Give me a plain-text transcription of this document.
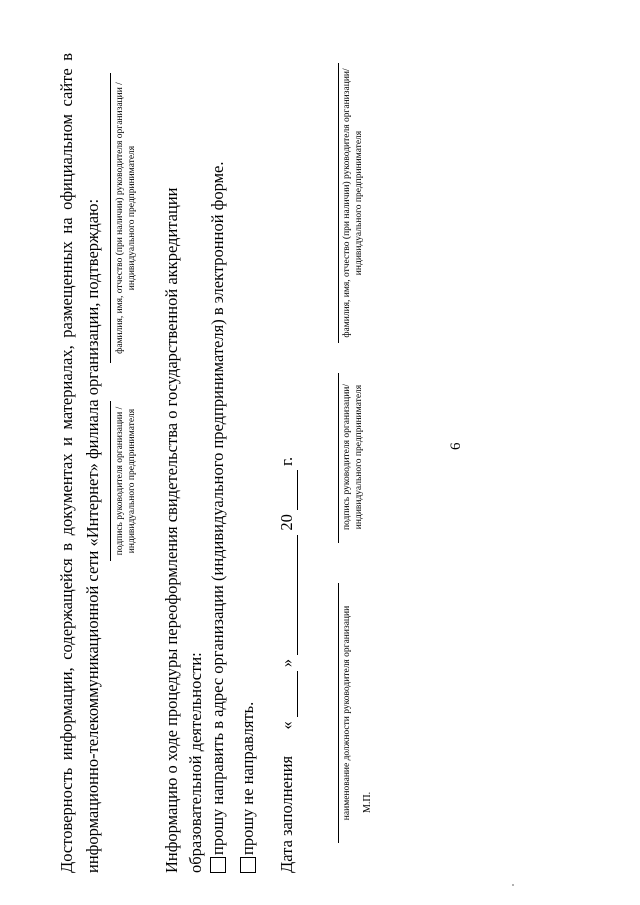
6
Достоверность информации, содержащейся в документах и материалах, размещенных на официальном сайте в информационно-телекоммуникационной сети «Интернет» филиала организации, подтверждаю:	подпись руководителя организации / индивидуального предпринимателя
фамилия, имя, отчество (при наличии) руководителя организации / индивидуального предпринимателя Информацию о ходе процедуры переоформления свидетельства о государственной аккредитации образовательной деятельности: прошу направить в адрес организации (индивидуального предпринимателя) в электронной форме. прошу не направлять. Дата заполнения  «  »  20  г.
наименование должности руководителя организации
подпись руководителя организации/ индивидуального предпринимателя
фамилия, имя, отчество (при наличии) руководителя организации/индивидуального предпринимателя
М.П.
